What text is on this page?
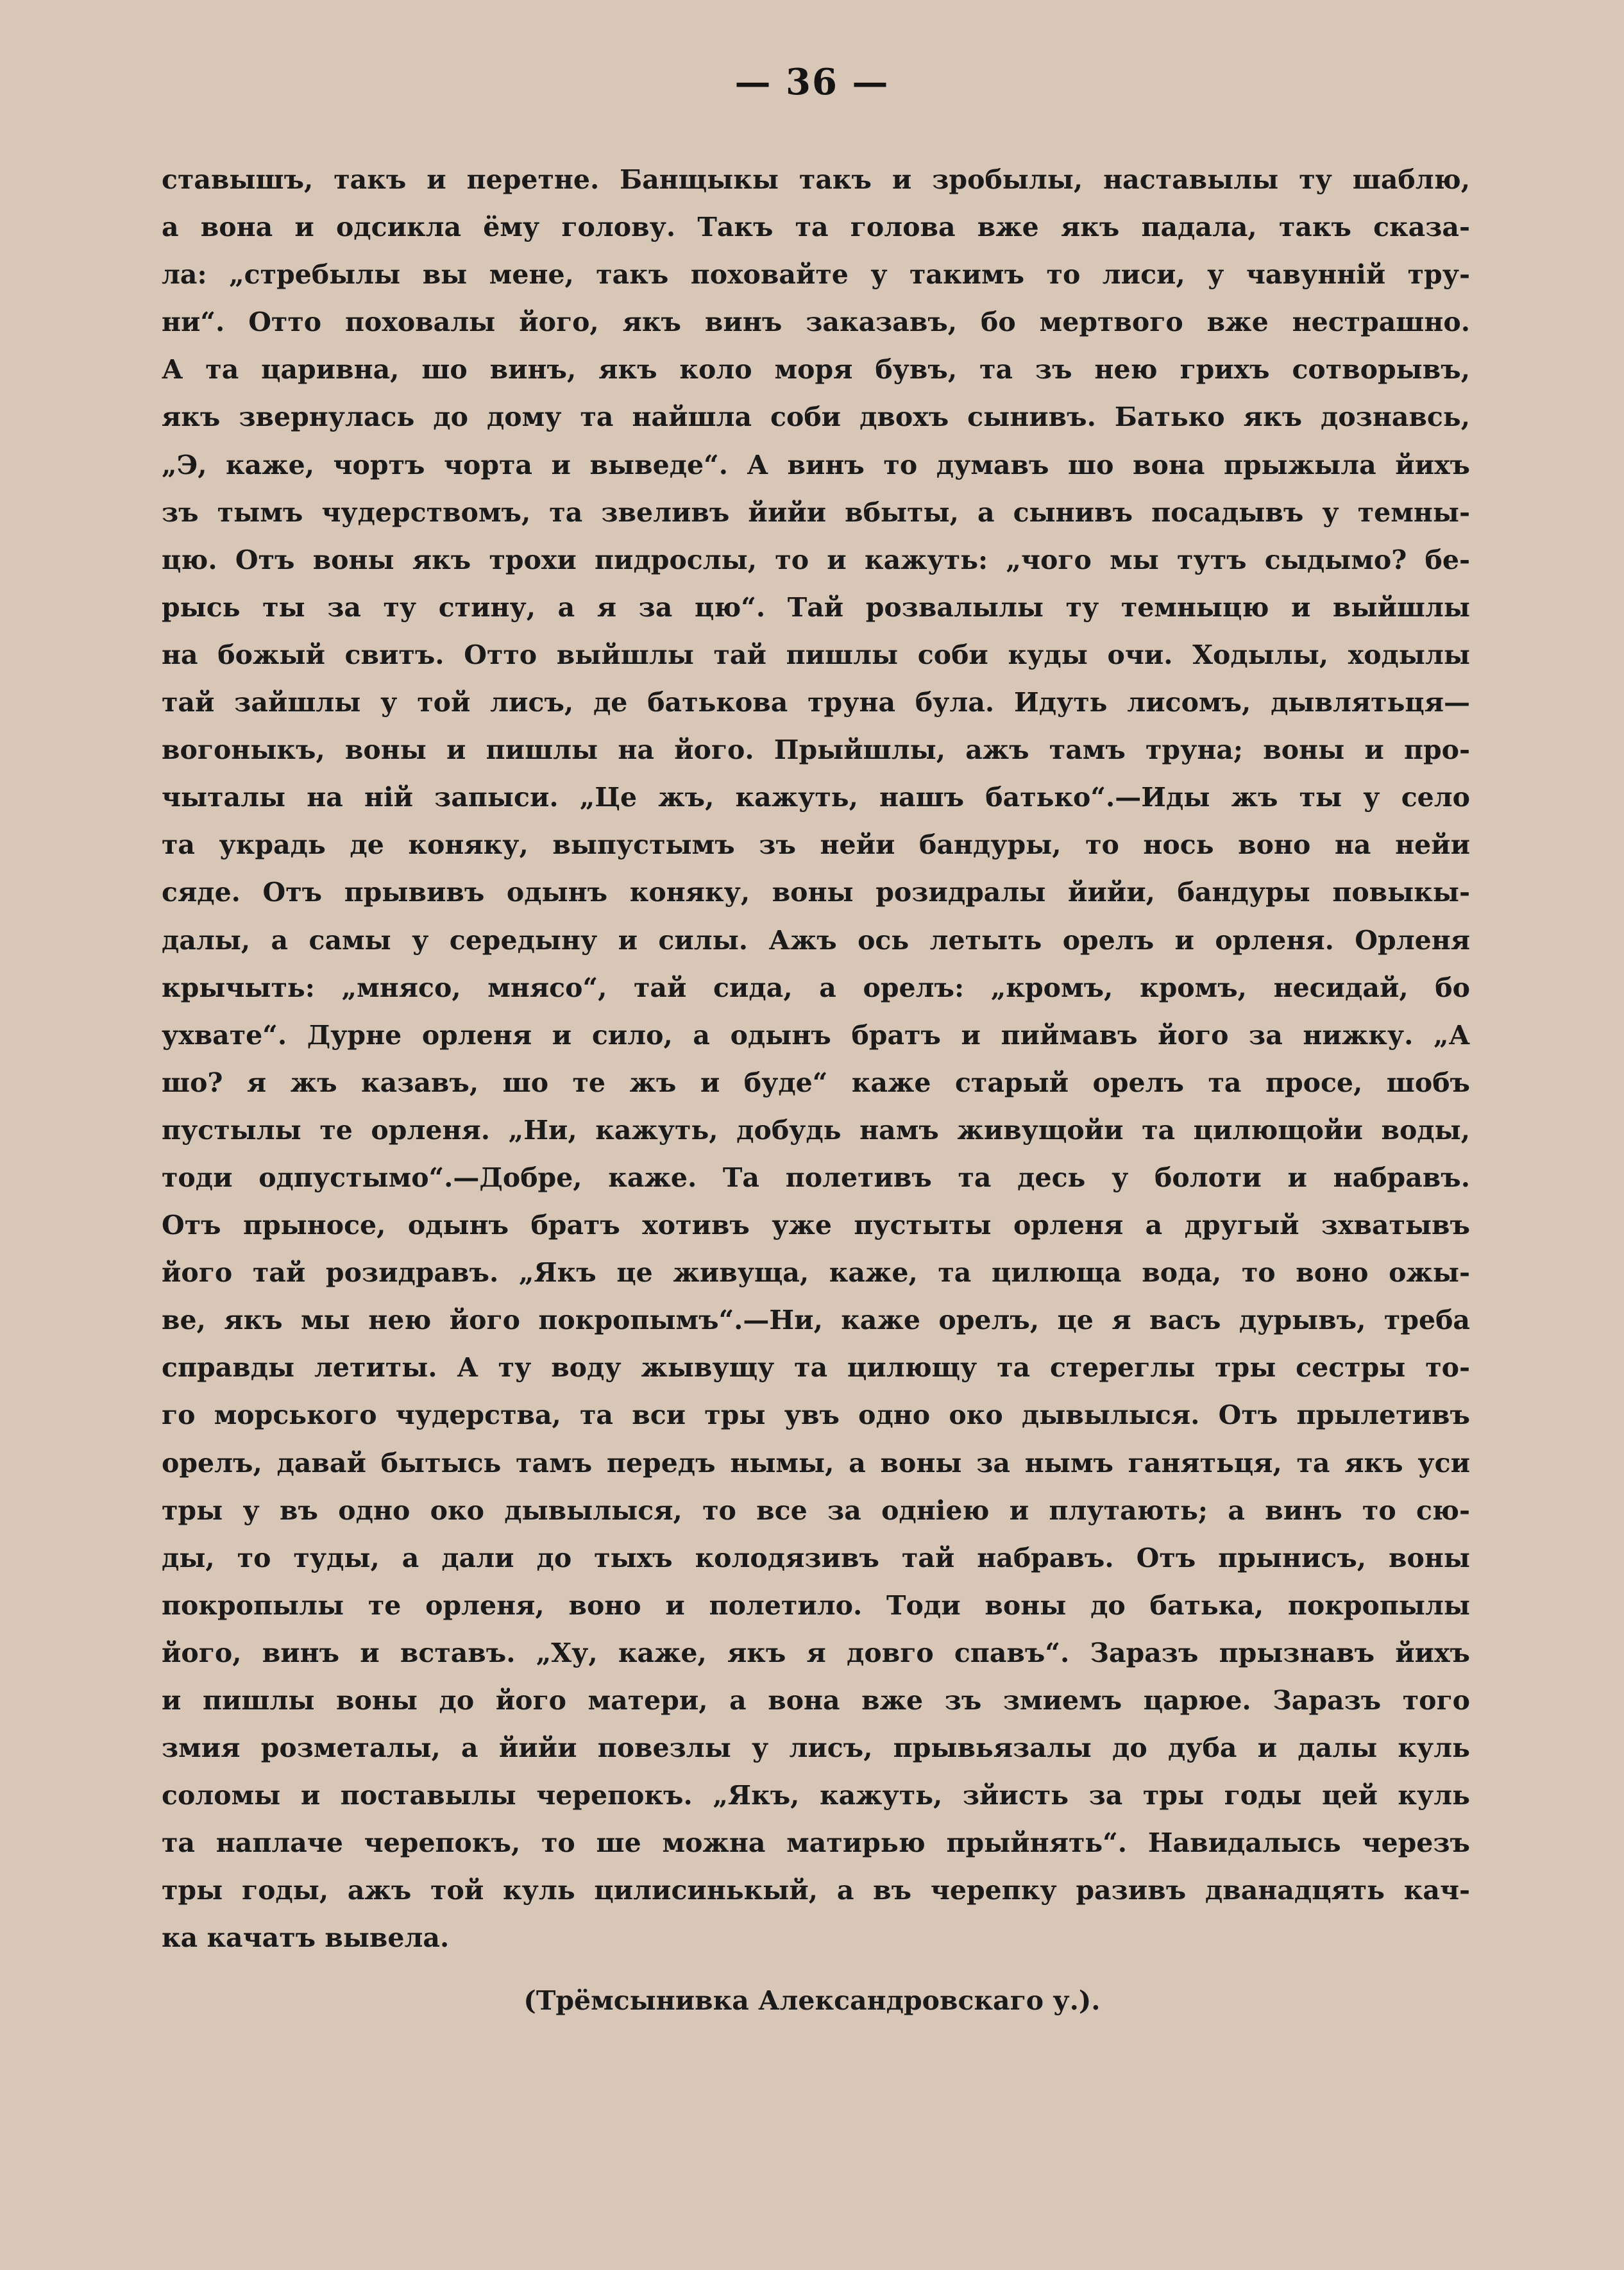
— 36 —
ставышъ, такъ и перетне. Банщыкы такъ и зробылы, наставылы ту шаблю,
а вона и одсикла ёму голову. Такъ та голова вже якъ падала, такъ сказа-
ла: „стребылы вы мене, такъ поховайте у такимъ то лиси, у чавунній тру-
ни“. Отто поховалы його, якъ винъ заказавъ, бо мертвого вже нестрашно.
А та царивна, шо винъ, якъ коло моря бувъ, та зъ нею грихъ сотворывъ,
якъ звернулась до дому та найшла соби двохъ сынивъ. Батько якъ дознавсь,
„Э, каже, чортъ чорта и выведе“. А винъ то думавъ шо вона прыжыла йихъ
зъ тымъ чудерствомъ, та звеливъ йийи вбыты, а сынивъ посадывъ у темны-
цю. Отъ воны якъ трохи пидрослы, то и кажуть: „чого мы тутъ сыдымо? бе-
рысь ты за ту стину, а я за цю“. Тай розвалылы ту темныцю и выйшлы
на божый свитъ. Отто выйшлы тай пишлы соби куды очи. Ходылы, ходылы
тай зайшлы у той лисъ, де батькова труна була. Идуть лисомъ, дывлятьця—
вогоныкъ, воны и пишлы на його. Прыйшлы, ажъ тамъ труна; воны и про-
чыталы на ній запыси. „Це жъ, кажуть, нашъ батько“.—Иды жъ ты у село
та украдь де коняку, выпустымъ зъ нейи бандуры, то нось воно на нейи
сяде. Отъ прывивъ одынъ коняку, воны розидралы йийи, бандуры повыкы-
далы, а самы у середыну и силы. Ажъ ось летыть орелъ и орленя. Орленя
крычыть: „мнясо, мнясо“, тай сида, а орелъ: „кромъ, кромъ, несидай, бо
ухвате“. Дурне орленя и сило, а одынъ братъ и пиймавъ його за нижку. „А
шо? я жъ казавъ, шо те жъ и буде“ каже старый орелъ та просе, шобъ
пустылы те орленя. „Ни, кажуть, добудь намъ живущойи та цилющойи воды,
тоди одпустымо“.—Добре, каже. Та полетивъ та десь у болоти и набравъ.
Отъ прыносе, одынъ братъ хотивъ уже пустыты орленя а другый зхватывъ
його тай розидравъ. „Якъ це живуща, каже, та цилюща вода, то воно ожы-
ве, якъ мы нею його покропымъ“.—Ни, каже орелъ, це я васъ дурывъ, треба
справды летиты. А ту воду жывущу та цилющу та стереглы тры сестры то-
го морського чудерства, та вси тры увъ одно око дывылыся. Отъ прылетивъ
орелъ, давай бытысь тамъ передъ нымы, а воны за нымъ ганятьця, та якъ уси
тры у въ одно око дывылыся, то все за одніею и плутають; а винъ то сю-
ды, то туды, а дали до тыхъ колодязивъ тай набравъ. Отъ прынисъ, воны
покропылы те орленя, воно и полетило. Тоди воны до батька, покропылы
його, винъ и вставъ. „Ху, каже, якъ я довго спавъ“. Заразъ прызнавъ йихъ
и пишлы воны до його матери, а вона вже зъ змиемъ царюе. Заразъ того
змия розметалы, а йийи повезлы у лисъ, прывьязалы до дуба и далы куль
соломы и поставылы черепокъ. „Якъ, кажуть, зйисть за тры годы цей куль
та наплаче черепокъ, то ше можна матирью прыйнять“. Навидалысь черезъ
тры годы, ажъ той куль цилисинькый, а въ черепку разивъ дванадцять кач-
ка качатъ вывела.
(Трёмсынивка Александровскаго у.).
